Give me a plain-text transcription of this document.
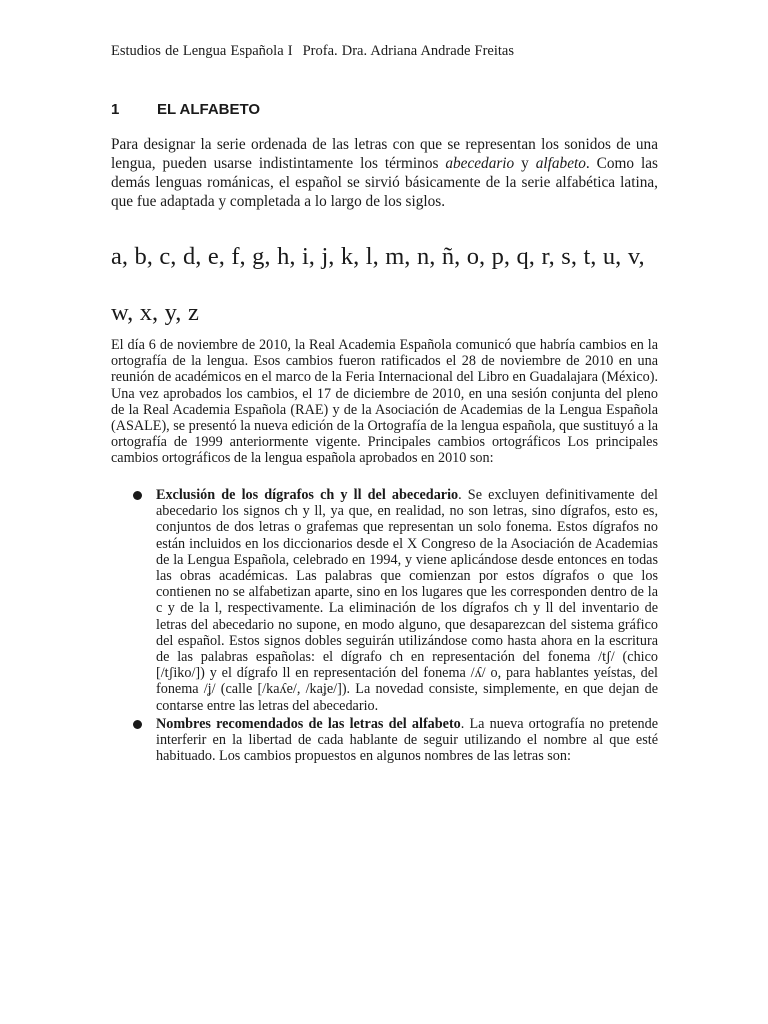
Estudios de Lengua Española I Profa. Dra. Adriana Andrade Freitas
1	EL ALFABETO

Para designar la serie ordenada de las letras con que se representan los sonidos de una lengua, pueden usarse indistintamente los términos abecedario y alfabeto. Como las demás lenguas románicas, el español se sirvió básicamente de la serie alfabética latina, que fue adaptada y completada a lo largo de los siglos.

a, b, c, d, e, f, g, h, i, j, k, l, m, n, ñ, o, p, q, r, s, t, u, v, w, x, y, z

El día 6 de noviembre de 2010, la Real Academia Española comunicó que habría cambios en la ortografía de la lengua. Esos cambios fueron ratificados el 28 de noviembre de 2010 en una reunión de académicos en el marco de la Feria Internacional del Libro en Guadalajara (México). Una vez aprobados los cambios, el 17 de diciembre de 2010, en una sesión conjunta del pleno de la Real Academia Española (RAE) y de la Asociación de Academias de la Lengua Española (ASALE), se presentó la nueva edición de la Ortografía de la lengua española, que sustituyó a la ortografía de 1999 anteriormente vigente. Principales cambios ortográficos Los principales cambios ortográficos de la lengua española aprobados en 2010 son:

Exclusión de los dígrafos ch y ll del abecedario. Se excluyen definitivamente del abecedario los signos ch y ll, ya que, en realidad, no son letras, sino dígrafos, esto es, conjuntos de dos letras o grafemas que representan un solo fonema. Estos dígrafos no están incluidos en los diccionarios desde el X Congreso de la Asociación de Academias de la Lengua Española, celebrado en 1994, y viene aplicándose desde entonces en todas las obras académicas. Las palabras que comienzan por estos dígrafos o que los contienen no se alfabetizan aparte, sino en los lugares que les corresponden dentro de la c y de la l, respectivamente. La eliminación de los dígrafos ch y ll del inventario de letras del abecedario no supone, en modo alguno, que desaparezcan del sistema gráfico del español. Estos signos dobles seguirán utilizándose como hasta ahora en la escritura de las palabras españolas: el dígrafo ch en representación del fonema /tʃ/ (chico [/tʃiko/]) y el dígrafo ll en representación del fonema /ʎ/ o, para hablantes yeístas, del fonema /ʝ/ (calle [/kaʎe/, /kaʝe/]). La novedad consiste, simplemente, en que dejan de contarse entre las letras del abecedario.
Nombres recomendados de las letras del alfabeto. La nueva ortografía no pretende interferir en la libertad de cada hablante de seguir utilizando el nombre al que esté habituado. Los cambios propuestos en algunos nombres de las letras son:
